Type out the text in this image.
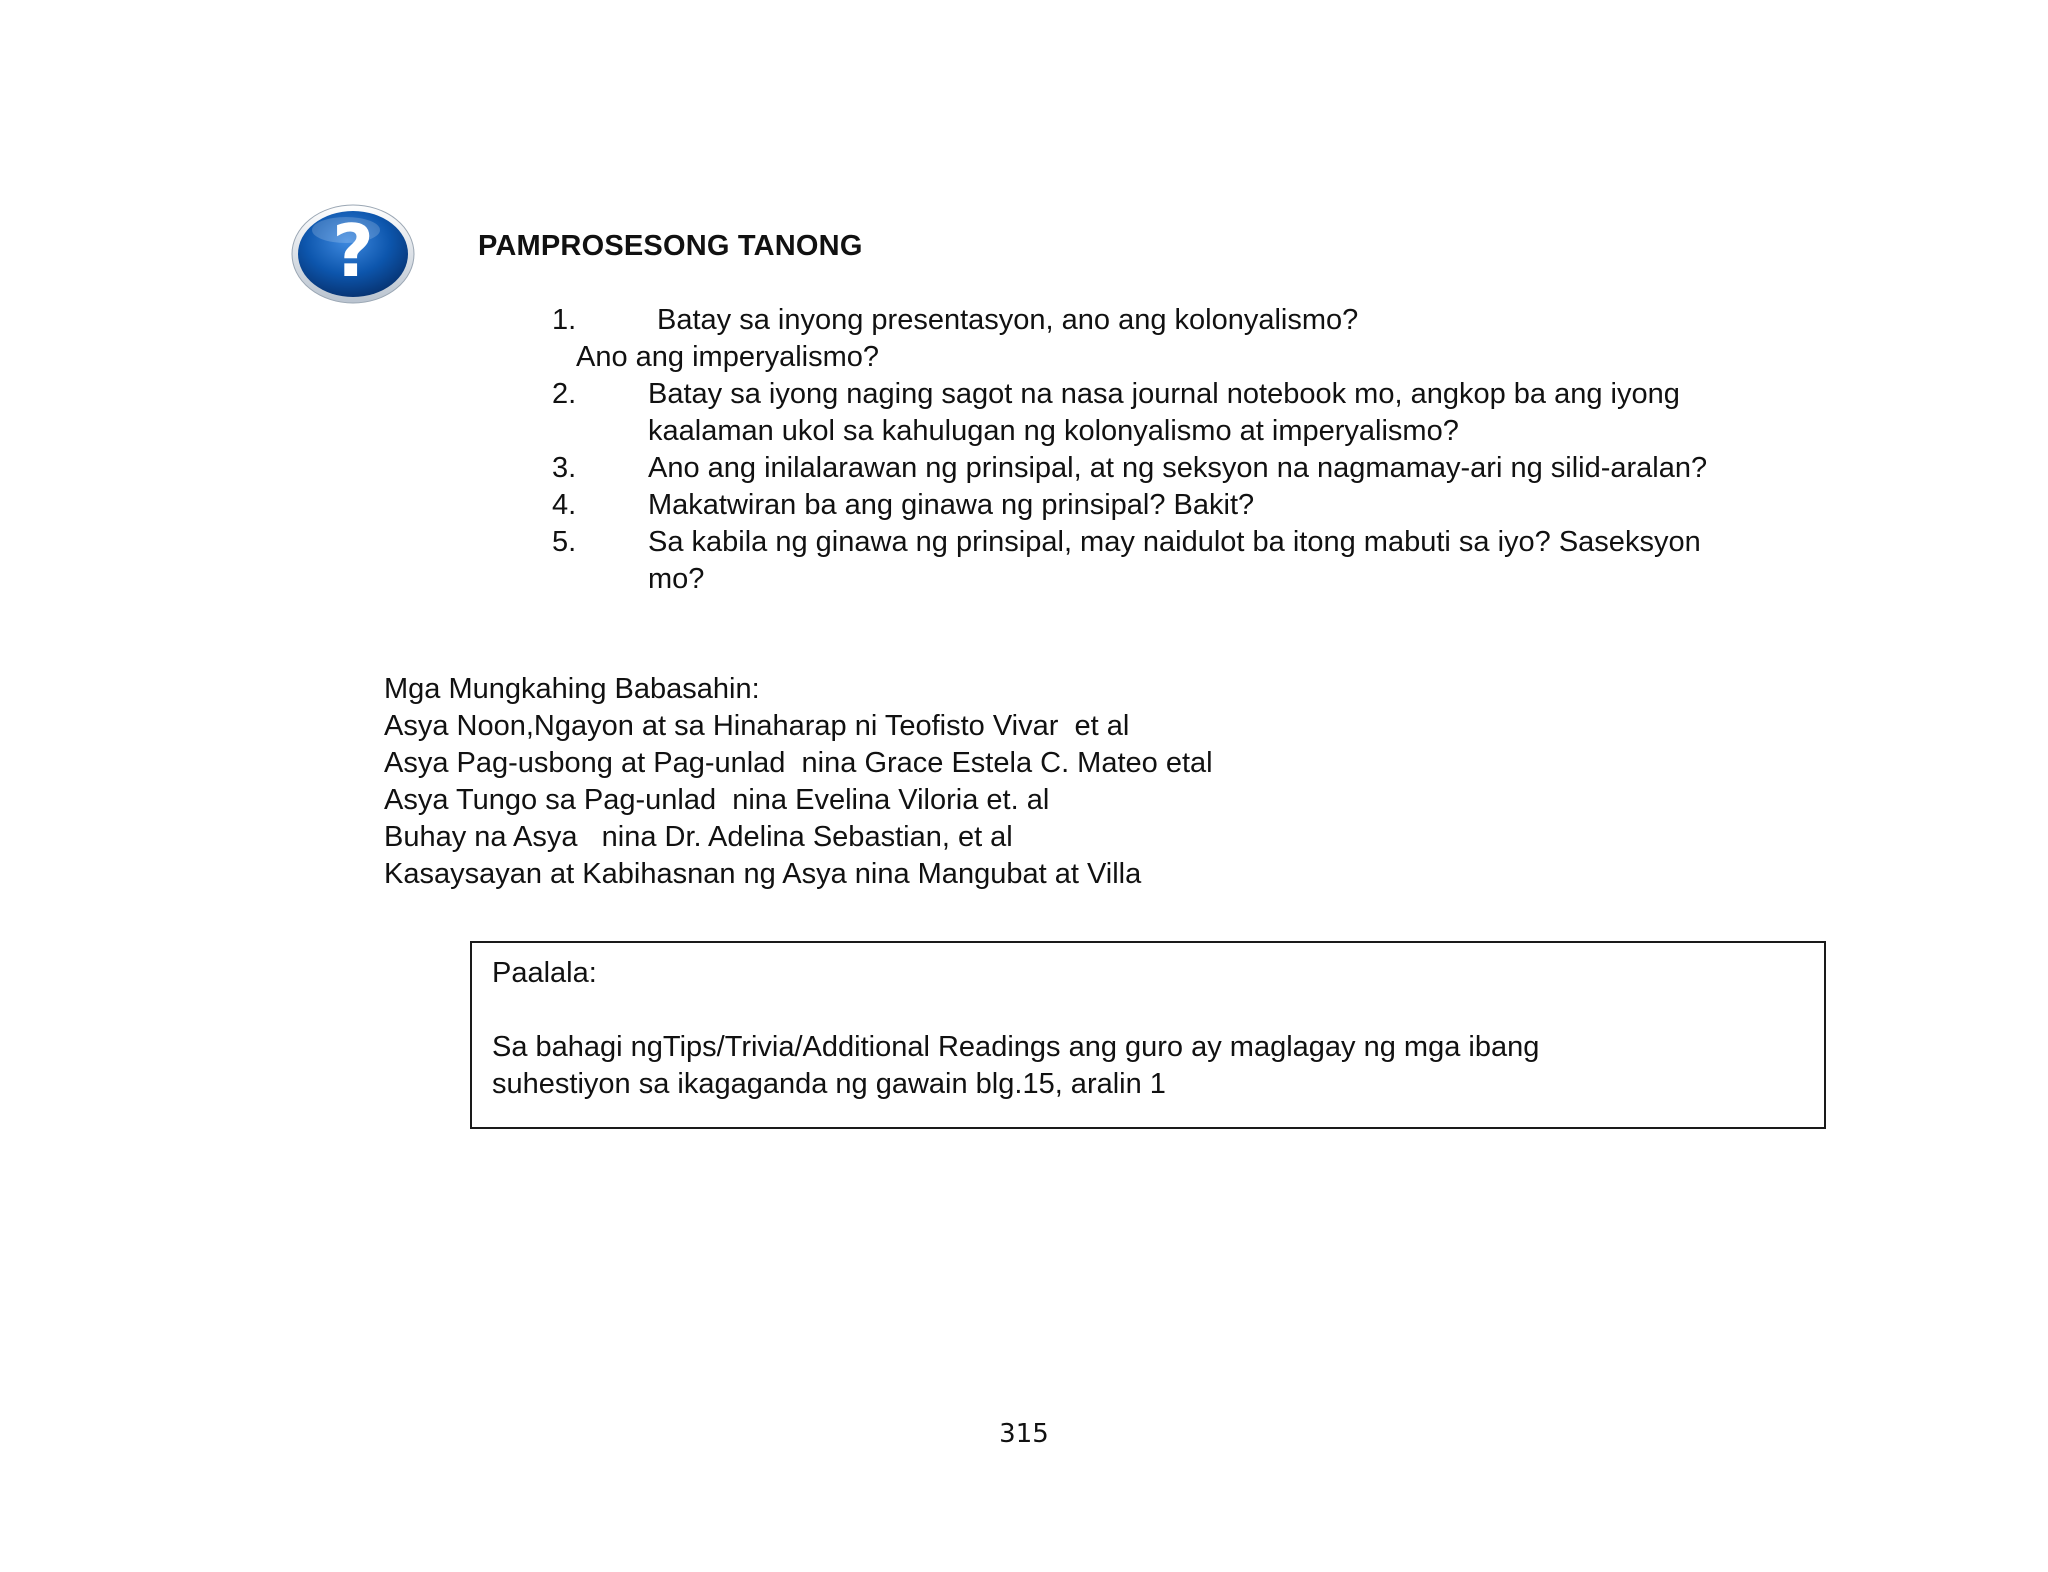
?	PAMPROSESONG TANONG
1.	Batay sa inyong presentasyon, ano ang kolonyalismo?
Ano ang imperyalismo?
2.	Batay sa iyong naging sagot na nasa journal notebook mo, angkop ba ang iyong
kaalaman ukol sa kahulugan ng kolonyalismo at imperyalismo?
3.	Ano ang inilalarawan ng prinsipal, at ng seksyon na nagmamay-ari ng silid-aralan?
4.	Makatwiran ba ang ginawa ng prinsipal? Bakit?
5.	Sa kabila ng ginawa ng prinsipal, may naidulot ba itong mabuti sa iyo? Saseksyon
mo?
Mga Mungkahing Babasahin:
Asya Noon,Ngayon at sa Hinaharap ni Teofisto Vivar  et al
Asya Pag-usbong at Pag-unlad  nina Grace Estela C. Mateo etal
Asya Tungo sa Pag-unlad  nina Evelina Viloria et. al
Buhay na Asya   nina Dr. Adelina Sebastian, et al
Kasaysayan at Kabihasnan ng Asya nina Mangubat at Villa
Paalala:
Sa bahagi ngTips/Trivia/Additional Readings ang guro ay maglagay ng mga ibang
suhestiyon sa ikagaganda ng gawain blg.15, aralin 1
315
